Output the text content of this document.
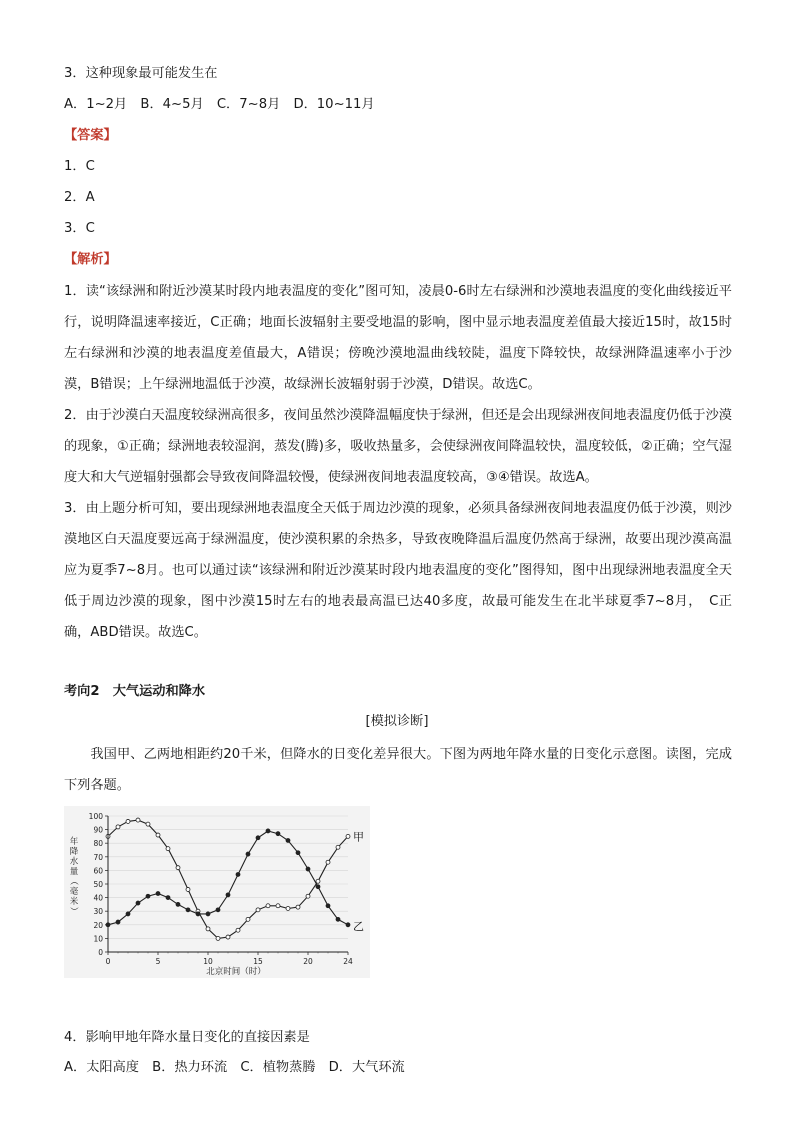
3．这种现象最可能发生在
A．1~2月　B．4~5月　C．7~8月　D．10~11月
【答案】
1．C
2．A
3．C
【解析】
1．读“该绿洲和附近沙漠某时段内地表温度的变化”图可知，凌晨0-6时左右绿洲和沙漠地表温度的变化曲线接近平行，说明降温速率接近，C正确；地面长波辐射主要受地温的影响，图中显示地表温度差值最大接近15时，故15时左右绿洲和沙漠的地表温度差值最大，A错误；傍晚沙漠地温曲线较陡，温度下降较快，故绿洲降温速率小于沙漠，B错误；上午绿洲地温低于沙漠，故绿洲长波辐射弱于沙漠，D错误。故选C。
2．由于沙漠白天温度较绿洲高很多，夜间虽然沙漠降温幅度快于绿洲，但还是会出现绿洲夜间地表温度仍低于沙漠的现象，①正确；绿洲地表较湿润，蒸发(腾)多，吸收热量多，会使绿洲夜间降温较快，温度较低，②正确；空气湿度大和大气逆辐射强都会导致夜间降温较慢，使绿洲夜间地表温度较高，③④错误。故选A。
3．由上题分析可知，要出现绿洲地表温度全天低于周边沙漠的现象，必须具备绿洲夜间地表温度仍低于沙漠，则沙漠地区白天温度要远高于绿洲温度，使沙漠积累的余热多，导致夜晚降温后温度仍然高于绿洲，故要出现沙漠高温应为夏季7~8月。也可以通过读“该绿洲和附近沙漠某时段内地表温度的变化”图得知，图中出现绿洲地表温度全天低于周边沙漠的现象，图中沙漠15时左右的地表最高温已达40多度，故最可能发生在北半球夏季7~8月，　C正确，ABD错误。故选C。
考向2　大气运动和降水
[模拟诊断]
我国甲、乙两地相距约20千米，但降水的日变化差异很大。下图为两地年降水量的日变化示意图。读图，完成下列各题。
0
10
20
30
40
50
60
70
80
90
100
0	5	10	15	20	24
北京时间（时）
年
降
水
量
（
毫
米
）
甲
乙
4．影响甲地年降水量日变化的直接因素是
A．太阳高度　B．热力环流　C．植物蒸腾　D．大气环流
